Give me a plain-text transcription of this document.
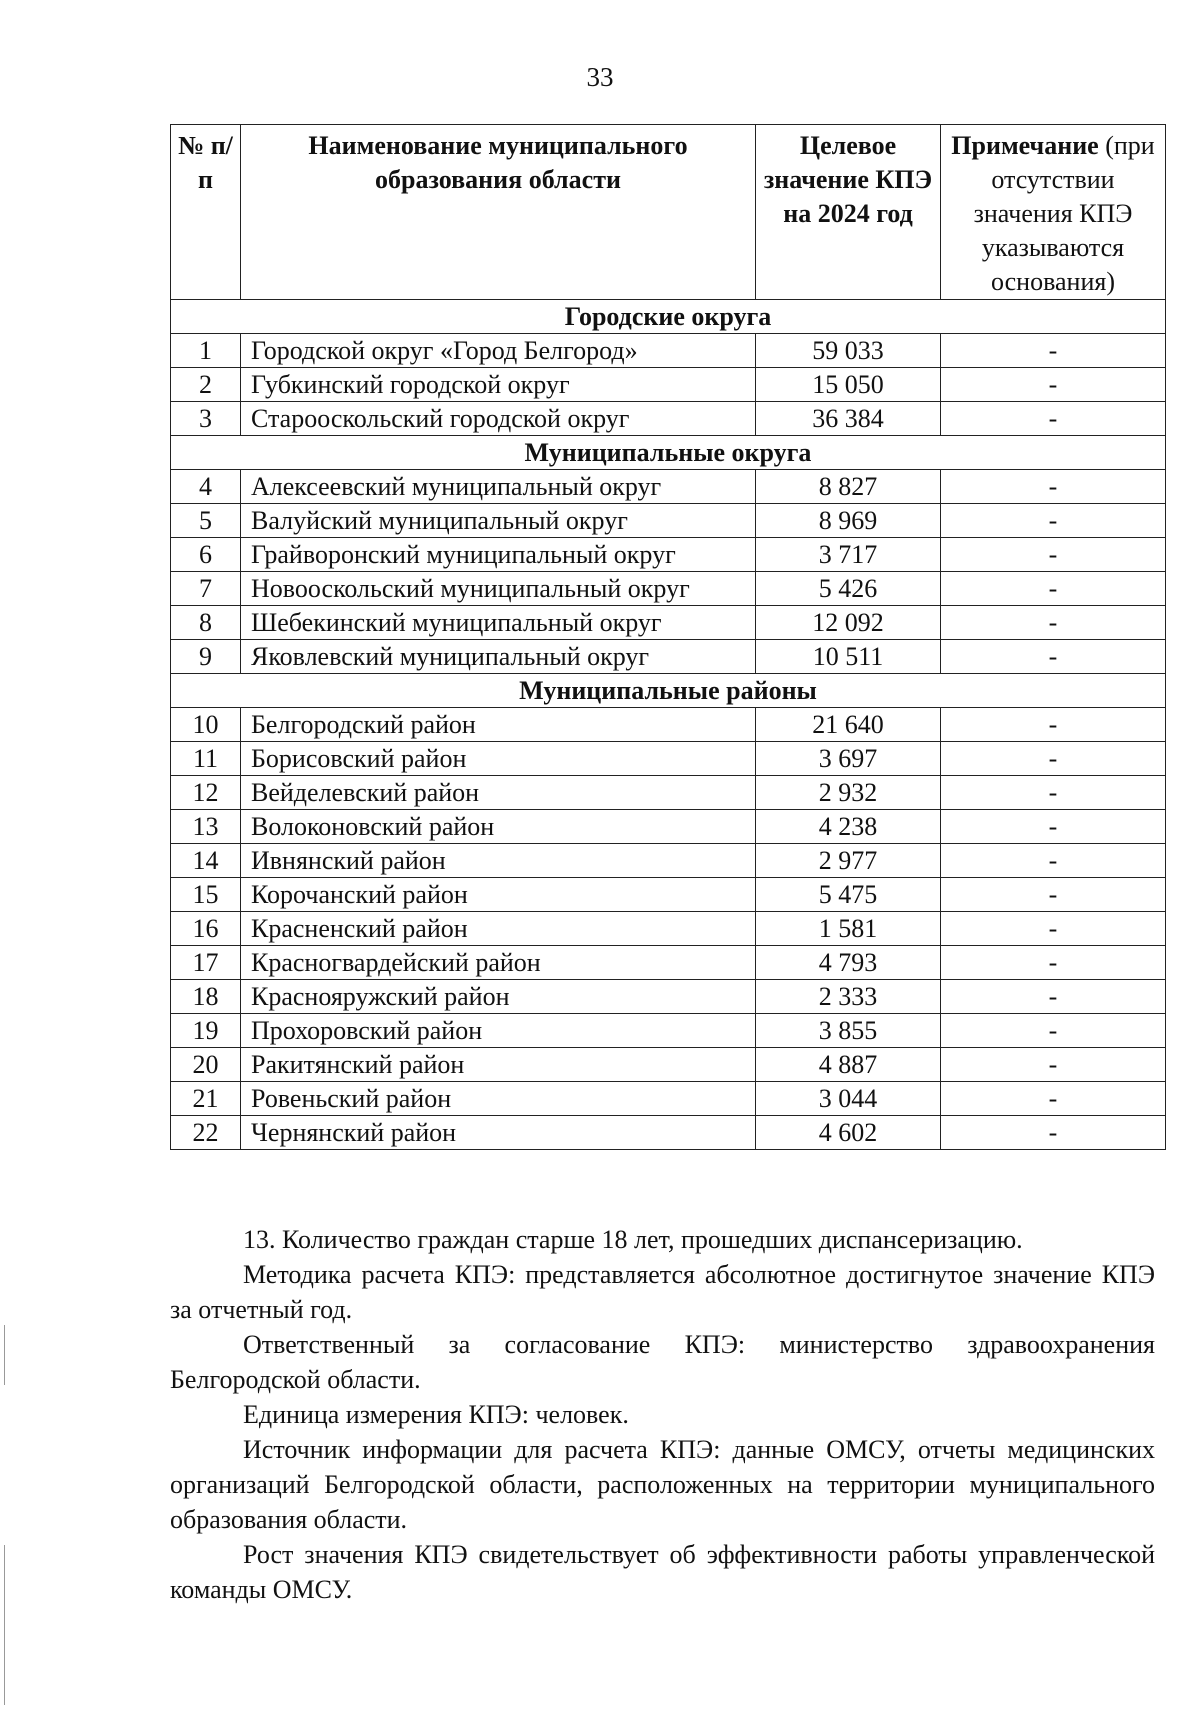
33
№ п/п	Наименование муниципального образования области	Целевое значение КПЭ на 2024 год	Примечание (при отсутствии значения КПЭ указываются основания)
Городские округа			
1	Городской округ «Город Белгород»	59 033	-
2	Губкинский городской округ	15 050	-
3	Старооскольский городской округ	36 384	-
Муниципальные округа			
4	Алексеевский муниципальный округ	8 827	-
5	Валуйский муниципальный округ	8 969	-
6	Грайворонский муниципальный округ	3 717	-
7	Новооскольский муниципальный округ	5 426	-
8	Шебекинский муниципальный округ	12 092	-
9	Яковлевский муниципальный округ	10 511	-
Муниципальные районы			
10	Белгородский район	21 640	-
11	Борисовский район	3 697	-
12	Вейделевский район	2 932	-
13	Волоконовский район	4 238	-
14	Ивнянский район	2 977	-
15	Корочанский район	5 475	-
16	Красненский район	1 581	-
17	Красногвардейский район	4 793	-
18	Краснояружский район	2 333	-
19	Прохоровский район	3 855	-
20	Ракитянский район	4 887	-
21	Ровеньский район	3 044	-
22	Чернянский район	4 602	-

13. Количество граждан старше 18 лет, прошедших диспансеризацию.

Методика расчета КПЭ: представляется абсолютное достигнутое значение КПЭ за отчетный год.

Ответственный за согласование КПЭ: министерство здравоохранения Белгородской области.

Единица измерения КПЭ: человек.

Источник информации для расчета КПЭ: данные ОМСУ, отчеты медицинских организаций Белгородской области, расположенных на территории муниципального образования области.

Рост значения КПЭ свидетельствует об эффективности работы управленческой команды ОМСУ.
